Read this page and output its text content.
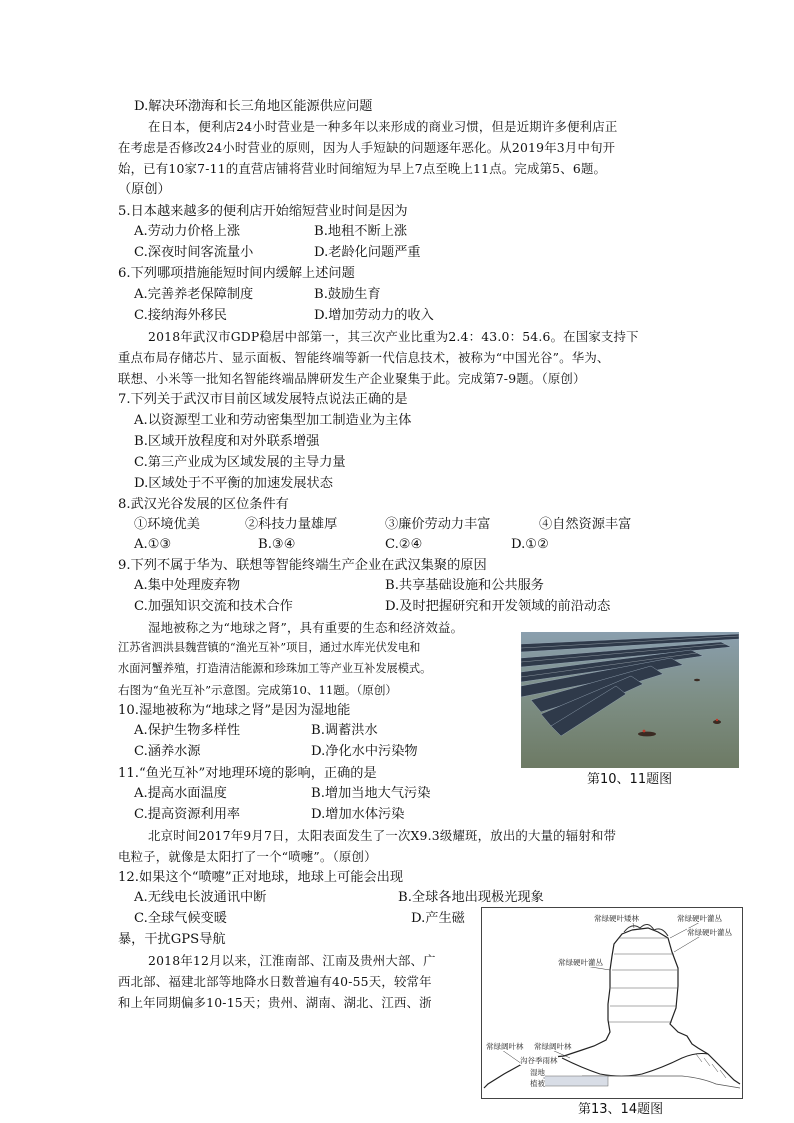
D.解决环渤海和长三角地区能源供应问题
在日本，便利店24小时营业是一种多年以来形成的商业习惯，但是近期许多便利店正
在考虑是否修改24小时营业的原则，因为人手短缺的问题逐年恶化。从2019年3月中旬开
始，已有10家7-11的直营店铺将营业时间缩短为早上7点至晚上11点。完成第5、6题。
（原创）
5.日本越来越多的便利店开始缩短营业时间是因为
A.劳动力价格上涨	B.地租不断上涨
C.深夜时间客流量小	D.老龄化问题严重
6.下列哪项措施能短时间内缓解上述问题
A.完善养老保障制度	B.鼓励生育
C.接纳海外移民	D.增加劳动力的收入
2018年武汉市GDP稳居中部第一，其三次产业比重为2.4：43.0：54.6。在国家支持下
重点布局存储芯片、显示面板、智能终端等新一代信息技术，被称为“中国光谷”。华为、
联想、小米等一批知名智能终端品牌研发生产企业聚集于此。完成第7-9题。（原创）
7.下列关于武汉市目前区域发展特点说法正确的是
A.以资源型工业和劳动密集型加工制造业为主体
B.区域开放程度和对外联系增强
C.第三产业成为区域发展的主导力量
D.区域处于不平衡的加速发展状态
8.武汉光谷发展的区位条件有
①环境优美	②科技力量雄厚	③廉价劳动力丰富	④自然资源丰富
A.①③	B.③④	C.②④	D.①②
9.下列不属于华为、联想等智能终端生产企业在武汉集聚的原因
A.集中处理废弃物	B.共享基础设施和公共服务
C.加强知识交流和技术合作	D.及时把握研究和开发领域的前沿动态
湿地被称之为“地球之肾”，具有重要的生态和经济效益。
江苏省泗洪县魏营镇的“渔光互补”项目，通过水库光伏发电和
水面河蟹养殖，打造清洁能源和珍珠加工等产业互补发展模式。
右图为“鱼光互补”示意图。完成第10、11题。（原创）
10.湿地被称为“地球之肾”是因为湿地能
A.保护生物多样性	B.调蓄洪水
C.涵养水源	D.净化水中污染物
11.“鱼光互补”对地理环境的影响，正确的是
A.提高水面温度	B.增加当地大气污染
C.提高资源利用率	D.增加水体污染
北京时间2017年9月7日，太阳表面发生了一次X9.3级耀斑，放出的大量的辐射和带
电粒子，就像是太阳打了一个“喷嚏”。（原创）
12.如果这个“喷嚏”正对地球，地球上可能会出现
A.无线电长波通讯中断	B.全球各地出现极光现象
C.全球气候变暖	D.产生磁
暴，干扰GPS导航
2018年12月以来，江淮南部、江南及贵州大部、广
西北部、福建北部等地降水日数普遍有40-55天，较常年
和上年同期偏多10-15天；贵州、湖南、湖北、江西、浙
第10、11题图
常绿硬叶矮林	常绿硬叶灌丛
常绿硬叶灌丛
常绿硬叶灌丛
常绿阔叶林 常绿阔叶林
沟谷季雨林
湿地
植被
第13、14题图
